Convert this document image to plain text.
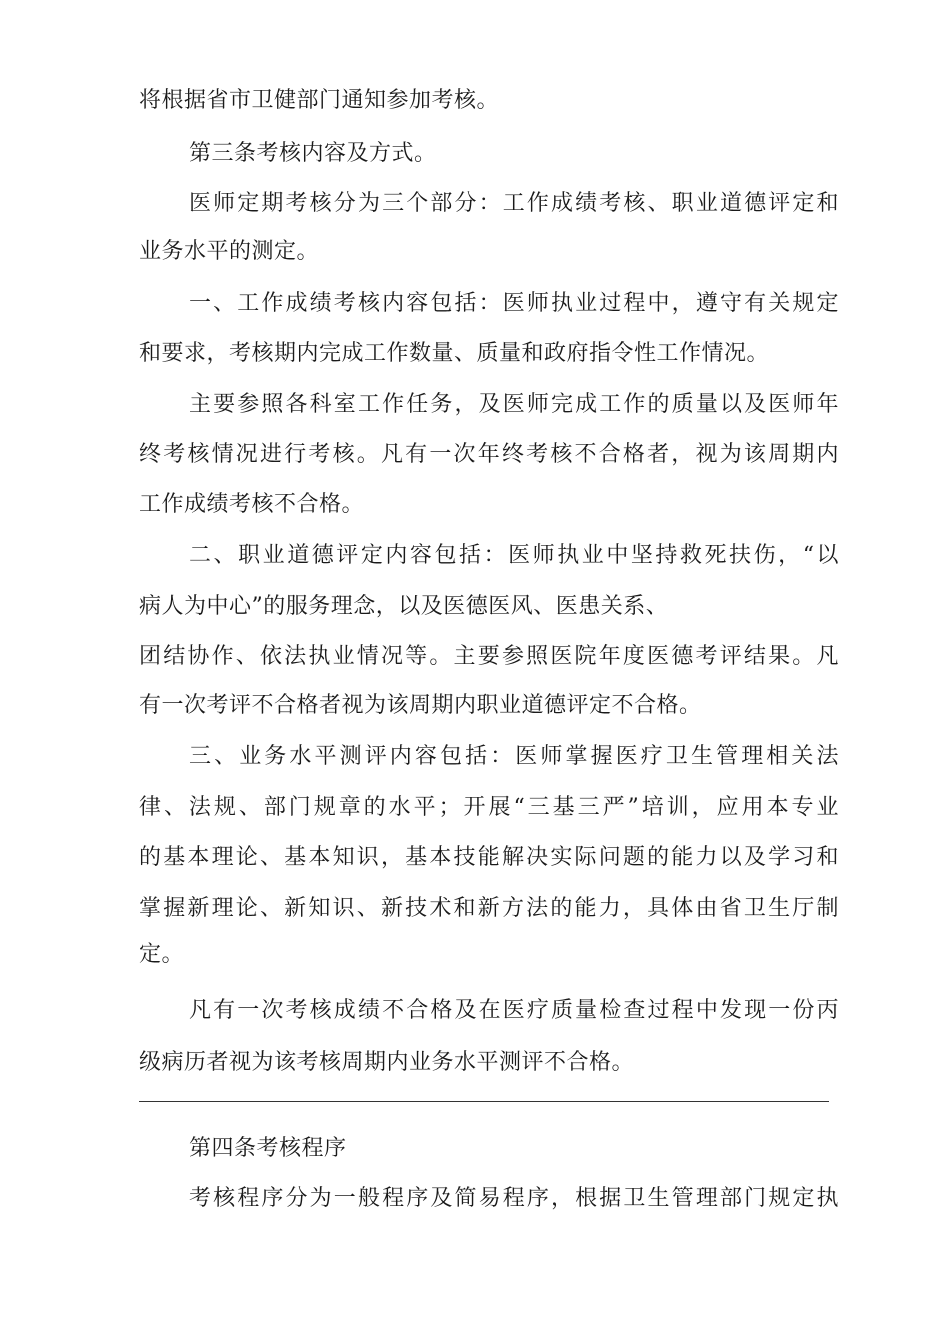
将根据省市卫健部门通知参加考核。
第三条考核内容及方式。
医师定期考核分为三个部分：工作成绩考核、职业道德评定和
业务水平的测定。
一、工作成绩考核内容包括：医师执业过程中，遵守有关规定
和要求，考核期内完成工作数量、质量和政府指令性工作情况。
主要参照各科室工作任务，及医师完成工作的质量以及医师年
终考核情况进行考核。凡有一次年终考核不合格者，视为该周期内
工作成绩考核不合格。
二、职业道德评定内容包括：医师执业中坚持救死扶伤，“以
病人为中心”的服务理念，以及医德医风、医患关系、
团结协作、依法执业情况等。主要参照医院年度医德考评结果。凡
有一次考评不合格者视为该周期内职业道德评定不合格。
三、业务水平测评内容包括：医师掌握医疗卫生管理相关法
律、法规、部门规章的水平；开展“三基三严”培训，应用本专业
的基本理论、基本知识，基本技能解决实际问题的能力以及学习和
掌握新理论、新知识、新技术和新方法的能力，具体由省卫生厅制
定。
凡有一次考核成绩不合格及在医疗质量检查过程中发现一份丙
级病历者视为该考核周期内业务水平测评不合格。
第四条考核程序
考核程序分为一般程序及简易程序，根据卫生管理部门规定执
